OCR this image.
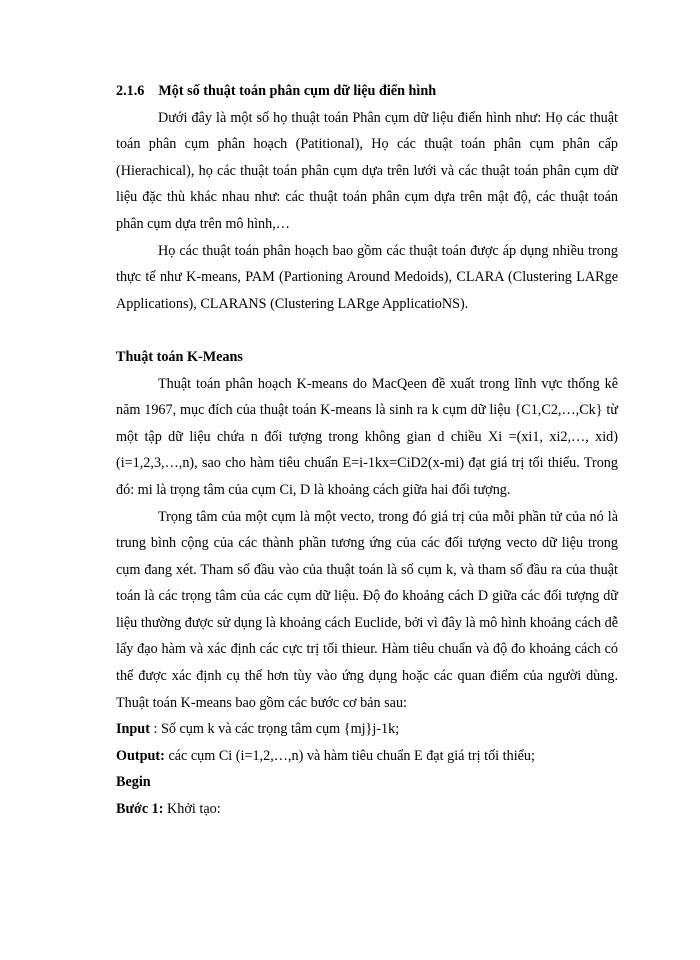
2.1.6 Một số thuật toán phân cụm dữ liệu điển hình

Dưới đây là một số họ thuật toán Phân cụm dữ liệu điển hình như: Họ các thuật toán phân cụm phân hoạch (Patitional), Họ các thuật toán phân cụm phân cấp (Hierachical), họ các thuật toán phân cụm dựa trên lưới và các thuật toán phân cụm dữ liệu đặc thù khác nhau như: các thuật toán phân cụm dựa trên mật độ, các thuật toán phân cụm dựa trên mô hình,…

Họ các thuật toán phân hoạch bao gồm các thuật toán được áp dụng nhiều trong thực tế như K-means, PAM (Partioning Around Medoids), CLARA (Clustering LARge Applications), CLARANS (Clustering LARge ApplicatioNS).

Thuật toán K-Means

Thuật toán phân hoạch K-means do MacQeen đề xuất trong lĩnh vực thống kê năm 1967, mục đích của thuật toán K-means là sinh ra k cụm dữ liệu {C1,C2,…,Ck} từ một tập dữ liệu chứa n đối tượng trong không gian d chiều Xi =(xi1, xi2,…, xid) (i=1,2,3,…,n), sao cho hàm tiêu chuẩn E=i-1kx=CiD2(x-mi) đạt giá trị tối thiểu. Trong đó: mi là trọng tâm của cụm Ci, D là khoảng cách giữa hai đối tượng.

Trọng tâm của một cụm là một vecto, trong đó giá trị của mỗi phần tử của nó là trung bình cộng của các thành phần tương ứng của các đối tượng vecto dữ liệu trong cụm đang xét. Tham số đầu vào của thuật toán là số cụm k, và tham số đầu ra của thuật toán là các trọng tâm của các cụm dữ liệu. Độ đo khoảng cách D giữa các đối tượng dữ liệu thường được sử dụng là khoảng cách Euclide, bởi vì đây là mô hình khoảng cách dễ lấy đạo hàm và xác định các cực trị tối thieur. Hàm tiêu chuẩn và độ đo khoảng cách có thể được xác định cụ thể hơn tùy vào ứng dụng hoặc các quan điểm của người dùng. Thuật toán K-means bao gồm các bước cơ bản sau:

Input : Số cụm k và các trọng tâm cụm {mj}j-1k;

Output: các cụm Ci (i=1,2,…,n) và hàm tiêu chuẩn E đạt giá trị tối thiểu;

Begin

Bước 1: Khởi tạo:
